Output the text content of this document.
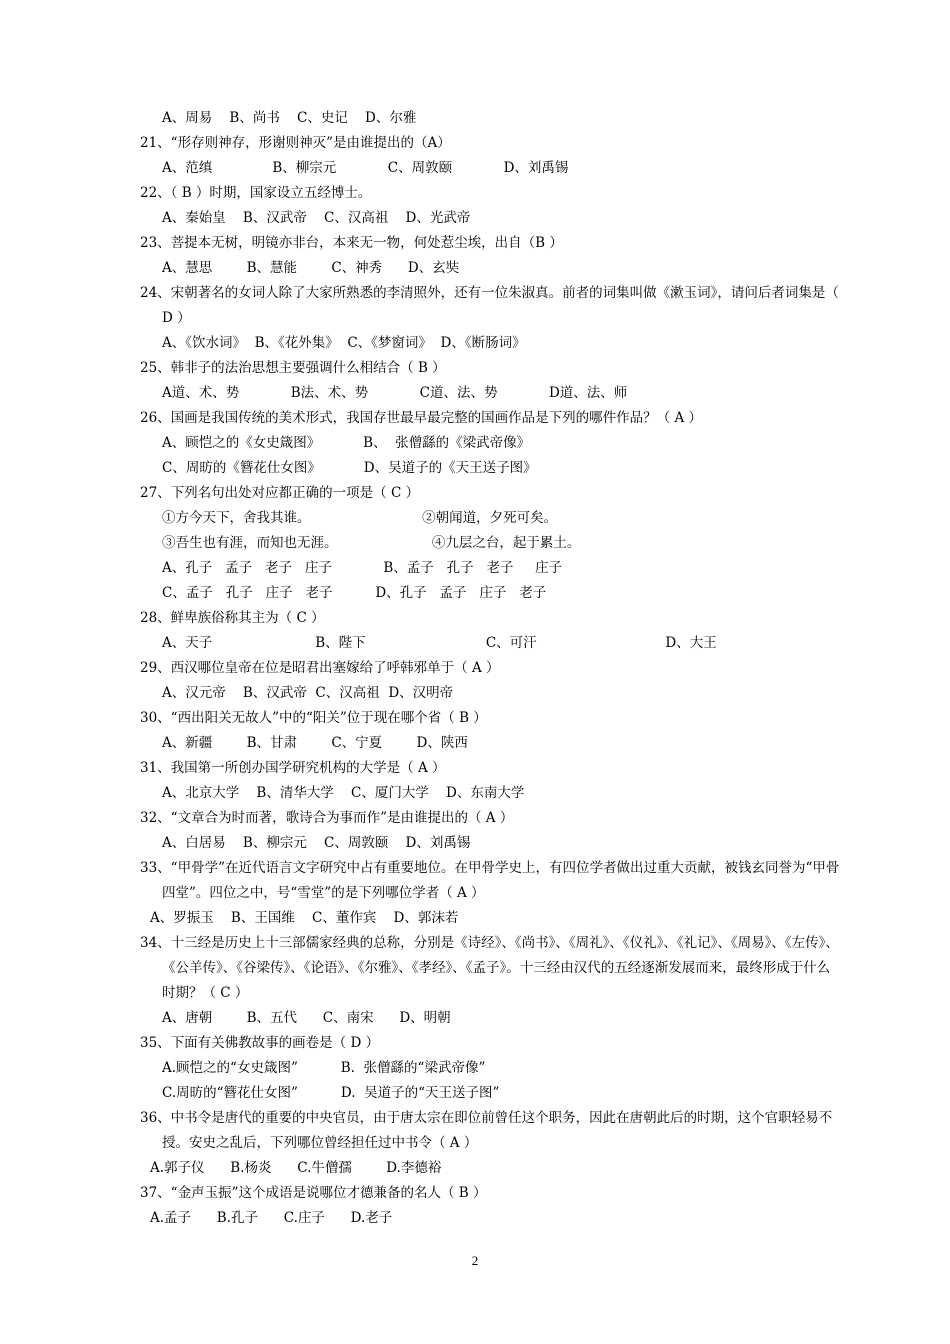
A、周易    B、尚书    C、史记    D、尔雅
21、“形存则神存，形谢则神灭”是由谁提出的（A）
A、范缜              B、柳宗元            C、周敦颐            D、刘禹锡
22、（ B ）时期，国家设立五经博士。
A、秦始皇    B、汉武帝    C、汉高祖    D、光武帝
23、菩提本无树，明镜亦非台，本来无一物，何处惹尘埃，出自（B ）
A、慧思        B、慧能        C、神秀      D、玄奘
24、宋朝著名的女词人除了大家所熟悉的李清照外，还有一位朱淑真。前者的词集叫做《漱玉词》，请问后者词集是（ D ）
A、《饮水词》  B、《花外集》  C、《梦窗词》  D、《断肠词》
25、韩非子的法治思想主要强调什么相结合（ B ）
A道、术、势            B法、术、势            C道、法、势            D道、法、师
26、国画是我国传统的美术形式，我国存世最早最完整的国画作品是下列的哪件作品？（ A ）
A、顾恺之的《女史箴图》          B、  张僧繇的《梁武帝像》
C、周昉的《簪花仕女图》          D、吴道子的《天王送子图》
27、下列名句出处对应都正确的一项是（ C ）
①方今天下，舍我其谁。                          ②朝闻道，夕死可矣。
③吾生也有涯，而知也无涯。                      ④九层之台，起于累土。
A、孔子   孟子   老子   庄子            B、孟子   孔子   老子     庄子
C、孟子   孔子   庄子   老子          D、孔子   孟子   庄子   老子
28、鲜卑族俗称其主为（ C ）
A、天子                        B、陛下                            C、可汗                              D、大王
29、西汉哪位皇帝在位是昭君出塞嫁给了呼韩邪单于（ A ）
A、汉元帝    B、汉武帝  C、汉高祖  D、汉明帝
30、“西出阳关无故人”中的“阳关”位于现在哪个省（ B ）
A、新疆        B、甘肃        C、宁夏        D、陕西
31、我国第一所创办国学研究机构的大学是（ A ）
A、北京大学    B、清华大学    C、厦门大学    D、东南大学
32、“文章合为时而著，歌诗合为事而作”是由谁提出的（ A ）
A、白居易    B、柳宗元    C、周敦颐    D、刘禹锡
33、“甲骨学”在近代语言文字研究中占有重要地位。在甲骨学史上，有四位学者做出过重大贡献，被钱玄同誉为“甲骨四堂”。四位之中，号“雪堂”的是下列哪位学者（ A ）
A、罗振玉    B、王国维    C、董作宾    D、郭沫若
34、十三经是历史上十三部儒家经典的总称，分别是《诗经》、《尚书》、《周礼》、《仪礼》、《礼记》、《周易》、《左传》、《公羊传》、《谷梁传》、《论语》、《尔雅》、《孝经》、《孟子》。十三经由汉代的五经逐渐发展而来，最终形成于什么时期？（ C ）
A、唐朝        B、五代      C、南宋      D、明朝
35、下面有关佛教故事的画卷是（ D ）
A.顾恺之的“女史箴图”          B.  张僧繇的“梁武帝像”
C.周昉的“簪花仕女图”          D.  吴道子的“天王送子图”
36、中书令是唐代的重要的中央官员，由于唐太宗在即位前曾任这个职务，因此在唐朝此后的时期，这个官职轻易不授。安史之乱后，下列哪位曾经担任过中书令（ A ）
A.郭子仪      B.杨炎      C.牛僧孺        D.李德裕
37、“金声玉振”这个成语是说哪位才德兼备的名人（ B ）
A.孟子      B.孔子      C.庄子      D.老子
2
